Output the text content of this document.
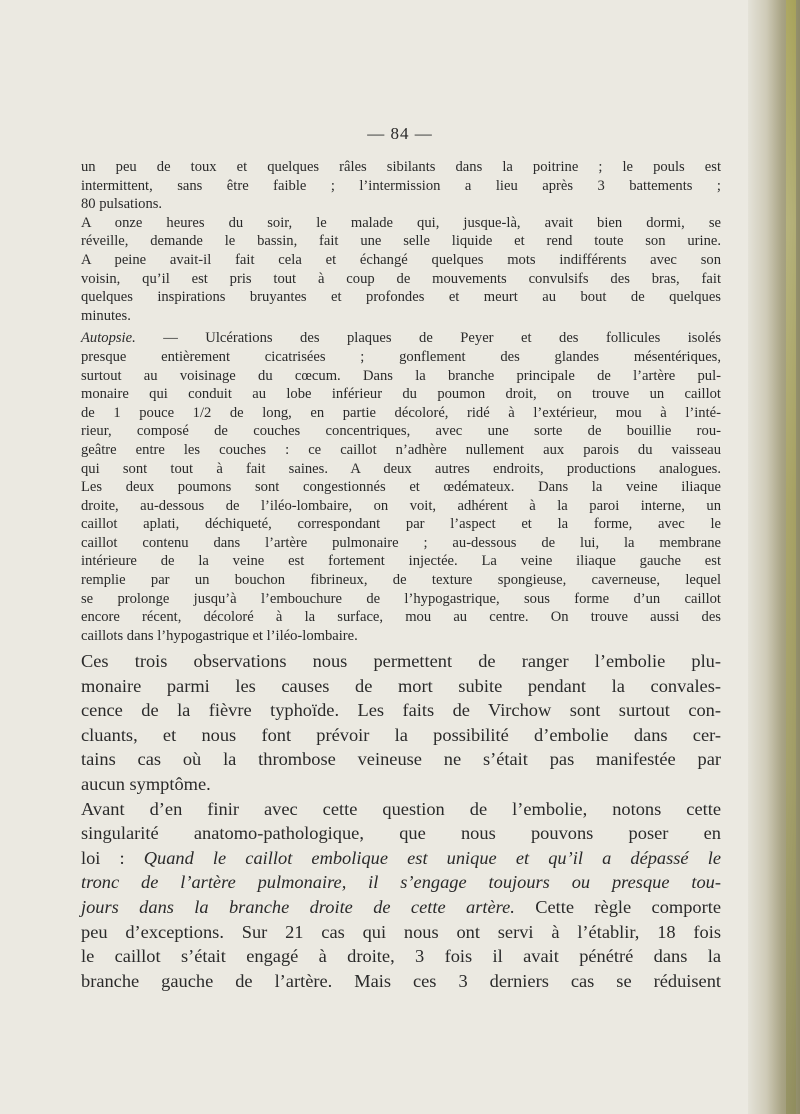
— 84 —

un peu de toux et quelques râles sibilants dans la poitrine ; le pouls est
intermittent, sans être faible ; l’intermission a lieu après 3 battements ;
80 pulsations.

A onze heures du soir, le malade qui, jusque-là, avait bien dormi, se
réveille, demande le bassin, fait une selle liquide et rend toute son urine.
A peine avait-il fait cela et échangé quelques mots indifférents avec son
voisin, qu’il est pris tout à coup de mouvements convulsifs des bras, fait
quelques inspirations bruyantes et profondes et meurt au bout de quelques
minutes.

Autopsie. — Ulcérations des plaques de Peyer et des follicules isolés
presque entièrement cicatrisées ; gonflement des glandes mésentériques,
surtout au voisinage du cœcum. Dans la branche principale de l’artère pul-
monaire qui conduit au lobe inférieur du poumon droit, on trouve un caillot
de 1 pouce 1/2 de long, en partie décoloré, ridé à l’extérieur, mou à l’inté-
rieur, composé de couches concentriques, avec une sorte de bouillie rou-
geâtre entre les couches : ce caillot n’adhère nullement aux parois du vaisseau
qui sont tout à fait saines. A deux autres endroits, productions analogues.
Les deux poumons sont congestionnés et œdémateux. Dans la veine iliaque
droite, au-dessous de l’iléo-lombaire, on voit, adhérent à la paroi interne, un
caillot aplati, déchiqueté, correspondant par l’aspect et la forme, avec le
caillot contenu dans l’artère pulmonaire ; au-dessous de lui, la membrane
intérieure de la veine est fortement injectée. La veine iliaque gauche est
remplie par un bouchon fibrineux, de texture spongieuse, caverneuse, lequel
se prolonge jusqu’à l’embouchure de l’hypogastrique, sous forme d’un caillot
encore récent, décoloré à la surface, mou au centre. On trouve aussi des
caillots dans l’hypogastrique et l’iléo-lombaire.

Ces trois observations nous permettent de ranger l’embolie plu-
monaire parmi les causes de mort subite pendant la convales-
cence de la fièvre typhoïde. Les faits de Virchow sont surtout con-
cluants, et nous font prévoir la possibilité d’embolie dans cer-
tains cas où la thrombose veineuse ne s’était pas manifestée par
aucun symptôme.

Avant d’en finir avec cette question de l’embolie, notons cette
singularité anatomo-pathologique, que nous pouvons poser en
loi : Quand le caillot embolique est unique et qu’il a dépassé le
tronc de l’artère pulmonaire, il s’engage toujours ou presque tou-
jours dans la branche droite de cette artère. Cette règle comporte
peu d’exceptions. Sur 21 cas qui nous ont servi à l’établir, 18 fois
le caillot s’était engagé à droite, 3 fois il avait pénétré dans la
branche gauche de l’artère. Mais ces 3 derniers cas se réduisent
